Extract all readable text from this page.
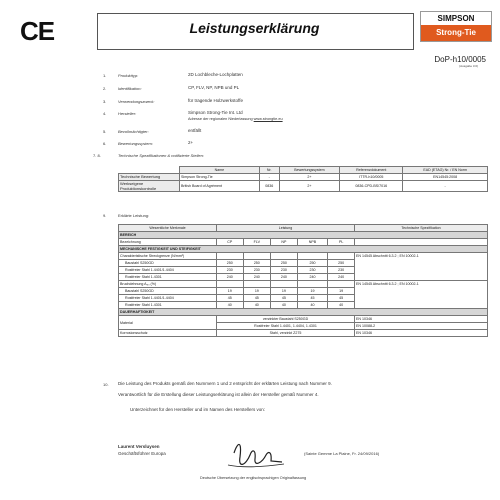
CE	Leistungserklärung
SIMPSON
Strong-Tie
DoP-h10/0005
(Ausgabe 3.0)
1.	Produkttyp:	2D Lochbleche-Lochplatten
2.	Identifikation:	CP, FLV, NP, NPB und PL
3.	Verwendungszweck:	für tragende Holzwerkstoffe
4.	Hersteller:	Simpson Strong-Tie Int. Ltd
Adresse der regionalen Niederlassung www.strongtie.eu
5.	Bevollmächtigter:	entfällt
6.	Bewertungssystem:	2+
7. 8.	Technische Spezifikationen & notifizierte Stellen:
	Name	Nr.	Bewertungssystem	Referenzdokument	EAD (ETAG) Nr. / EN Norm
Technische Bewertung	Simpson Strong-Tie	-	2+	ITTR-h10/0005	EN14545:2008
Werkseigene Produktionskontrolle	British Board of Agrément	0836	2+	0836-CPD-BS/7016	-
9.	Erklärte Leistung:
Wesentliche Merkmale	Leistung					Technische Spezifikation
BEREICH						
Bezeichnung	CP	FLV	NP	NPB	PL	
MECHANISCHE FESTIGKEIT UND STEIFIGKEIT						
Charakteristische Streckgrenze (N/mm²)						EN 14545 Abschnitt 6.3.2 ; EN 10002-1
Baustahl S250GD	250	250	250	250	250	
Rostfreier Stahl 1.4401/1.4404	230	230	230	230	230	
Rostfreier Stahl 1.4301	240	240	240	240	240	
Bruchdehnung A₈₀ (%)						EN 14545 Abschnitt 6.3.2 ; EN 10002-1
Baustahl S250GD	19	19	19	19	19	
Rostfreier Stahl 1.4401/1.4404	45	45	45	45	45	
Rostfreier Stahl 1.4301	40	40	40	40	40	
DAUERHAFTIGKEIT						
Material	verzinkter Baustahl S250GD					EN 10346
	Rostfreier Stahl 1.4401, 1.4404, 1.4301					EN 10088-2
Korrosionsschutz	Stahl, verzinkt Z275					EN 10346
10. Die Leistung des Produkts gemäß den Nummern 1 und 2 entspricht der erklärten Leistung nach Nummer 9.
Verantwortlich für die Erstellung dieser Leistungserklärung ist allein der Hersteller gemäß Nummer 4.
Unterzeichnet für den Hersteller und im Namen des Herstellers von:
Laurent Versluysen
Geschäftsführer Europa	(Sainte Gemme La Plaine, Fr. 24/09/2016)
Deutsche Übersetzung der englischsprachigen Originalfassung
